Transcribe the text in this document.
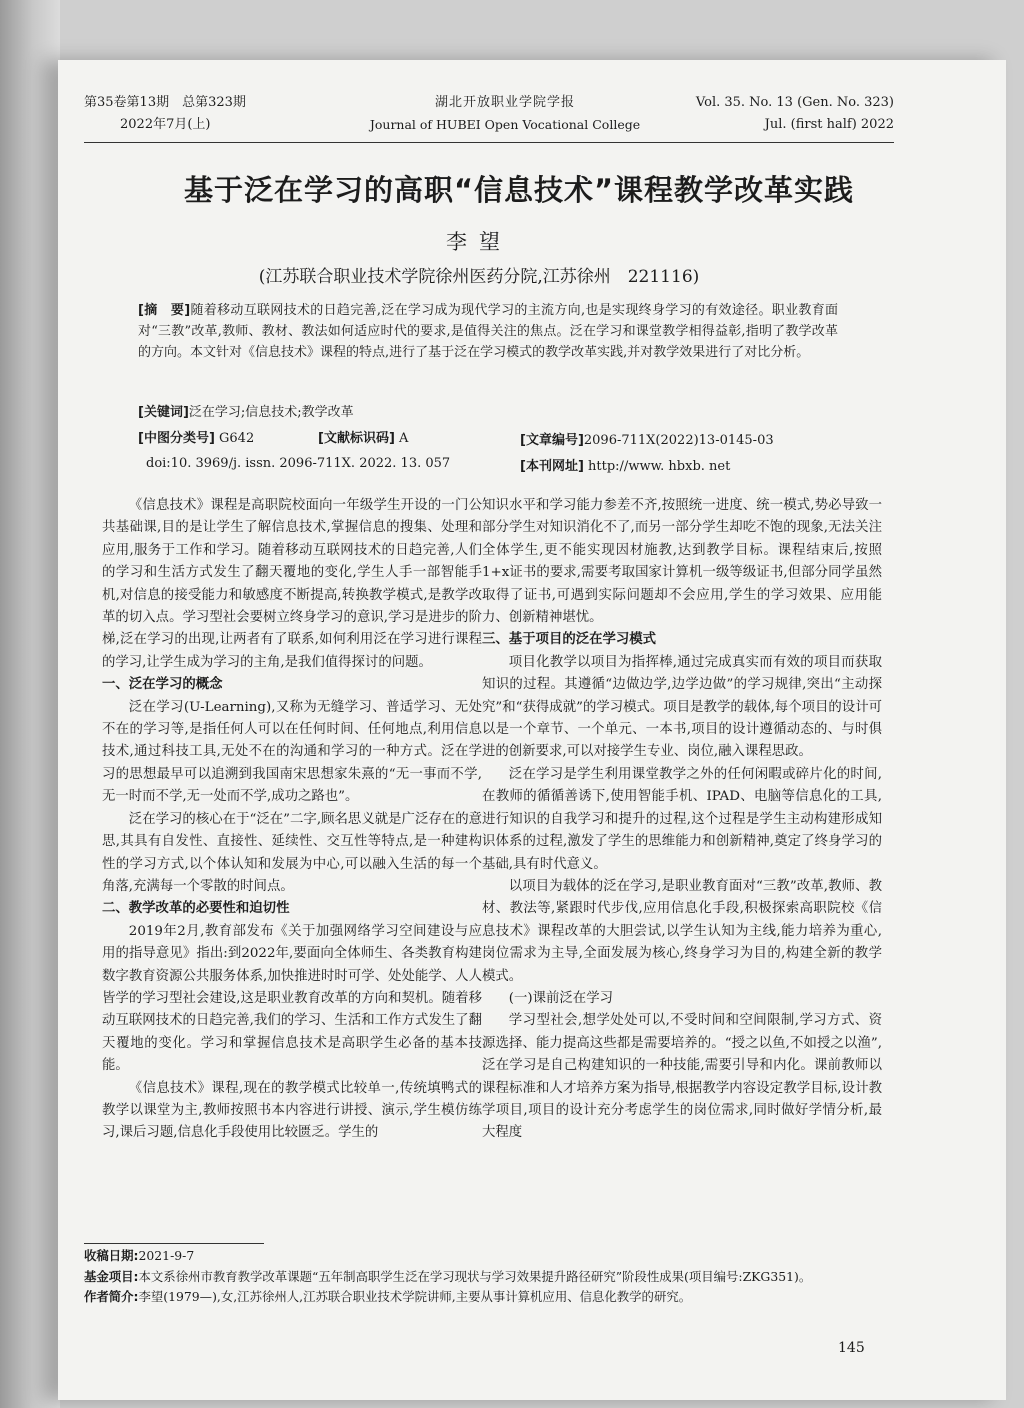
第35卷第13期　总第323期
2022年7月(上)
湖北开放职业学院学报
Journal of HUBEI Open Vocational College
Vol. 35. No. 13 (Gen. No. 323)
Jul. (first half) 2022
基于泛在学习的高职“信息技术”课程教学改革实践
李望
(江苏联合职业技术学院徐州医药分院,江苏徐州　221116)
[摘　要]随着移动互联网技术的日趋完善,泛在学习成为现代学习的主流方向,也是实现终身学习的有效途径。职业教育面对“三教”改革,教师、教材、教法如何适应时代的要求,是值得关注的焦点。泛在学习和课堂教学相得益彰,指明了教学改革的方向。本文针对《信息技术》课程的特点,进行了基于泛在学习模式的教学改革实践,并对教学效果进行了对比分析。
[关键词]泛在学习;信息技术;教学改革
[中图分类号] G642	[文献标识码] A
doi:10. 3969/j. issn. 2096-711X. 2022. 13. 057
[文章编号]2096-711X(2022)13-0145-03
[本刊网址] http://www. hbxb. net

《信息技术》课程是高职院校面向一年级学生开设的一门公共基础课,目的是让学生了解信息技术,掌握信息的搜集、处理和应用,服务于工作和学习。随着移动互联网技术的日趋完善,人们的学习和生活方式发生了翻天覆地的变化,学生人手一部智能手机,对信息的接受能力和敏感度不断提高,转换教学模式,是教学改革的切入点。学习型社会要树立终身学习的意识,学习是进步的阶梯,泛在学习的出现,让两者有了联系,如何利用泛在学习进行课程的学习,让学生成为学习的主角,是我们值得探讨的问题。

一、泛在学习的概念

泛在学习(U-Learning),又称为无缝学习、普适学习、无处不在的学习等,是指任何人可以在任何时间、任何地点,利用信息技术,通过科技工具,无处不在的沟通和学习的一种方式。泛在学习的思想最早可以追溯到我国南宋思想家朱熹的“无一事而不学,无一时而不学,无一处而不学,成功之路也”。

泛在学习的核心在于“泛在”二字,顾名思义就是广泛存在的意思,其具有自发性、直接性、延续性、交互性等特点,是一种建构性的学习方式,以个体认知和发展为中心,可以融入生活的每一个角落,充满每一个零散的时间点。

二、教学改革的必要性和迫切性

2019年2月,教育部发布《关于加强网络学习空间建设与应用的指导意见》指出:到2022年,要面向全体师生、各类教育构建数字教育资源公共服务体系,加快推进时时可学、处处能学、人人皆学的学习型社会建设,这是职业教育改革的方向和契机。随着移动互联网技术的日趋完善,我们的学习、生活和工作方式发生了翻天覆地的变化。学习和掌握信息技术是高职学生必备的基本技能。

《信息技术》课程,现在的教学模式比较单一,传统填鸭式的教学以课堂为主,教师按照书本内容进行讲授、演示,学生模仿练习,课后习题,信息化手段使用比较匮乏。学生的

知识水平和学习能力参差不齐,按照统一进度、统一模式,势必导致一部分学生对知识消化不了,而另一部分学生却吃不饱的现象,无法关注全体学生,更不能实现因材施教,达到教学目标。课程结束后,按照1+x证书的要求,需要考取国家计算机一级等级证书,但部分同学虽然取得了证书,可遇到实际问题却不会应用,学生的学习效果、应用能力、创新精神堪忧。

三、基于项目的泛在学习模式

项目化教学以项目为指挥棒,通过完成真实而有效的项目而获取知识的过程。其遵循“边做边学,边学边做”的学习规律,突出“主动探究”和“获得成就”的学习模式。项目是教学的载体,每个项目的设计可以是一个章节、一个单元、一本书,项目的设计遵循动态的、与时俱进的创新要求,可以对接学生专业、岗位,融入课程思政。

泛在学习是学生利用课堂教学之外的任何闲暇或碎片化的时间,在教师的循循善诱下,使用智能手机、IPAD、电脑等信息化的工具,进行知识的自我学习和提升的过程,这个过程是学生主动构建形成知识体系的过程,激发了学生的思维能力和创新精神,奠定了终身学习的基础,具有时代意义。

以项目为载体的泛在学习,是职业教育面对“三教”改革,教师、教材、教法等,紧跟时代步伐,应用信息化手段,积极探索高职院校《信息技术》课程改革的大胆尝试,以学生认知为主线,能力培养为重心,岗位需求为主导,全面发展为核心,终身学习为目的,构建全新的教学模式。

(一)课前泛在学习

学习型社会,想学处处可以,不受时间和空间限制,学习方式、资源选择、能力提高这些都是需要培养的。“授之以鱼,不如授之以渔”,泛在学习是自己构建知识的一种技能,需要引导和内化。课前教师以课程标准和人才培养方案为指导,根据教学内容设定教学目标,设计教学项目,项目的设计充分考虑学生的岗位需求,同时做好学情分析,最大程度

收稿日期:2021-9-7
基金项目:本文系徐州市教育教学改革课题“五年制高职学生泛在学习现状与学习效果提升路径研究”阶段性成果(项目编号:ZKG351)。
作者简介:李望(1979—),女,江苏徐州人,江苏联合职业技术学院讲师,主要从事计算机应用、信息化教学的研究。
145
